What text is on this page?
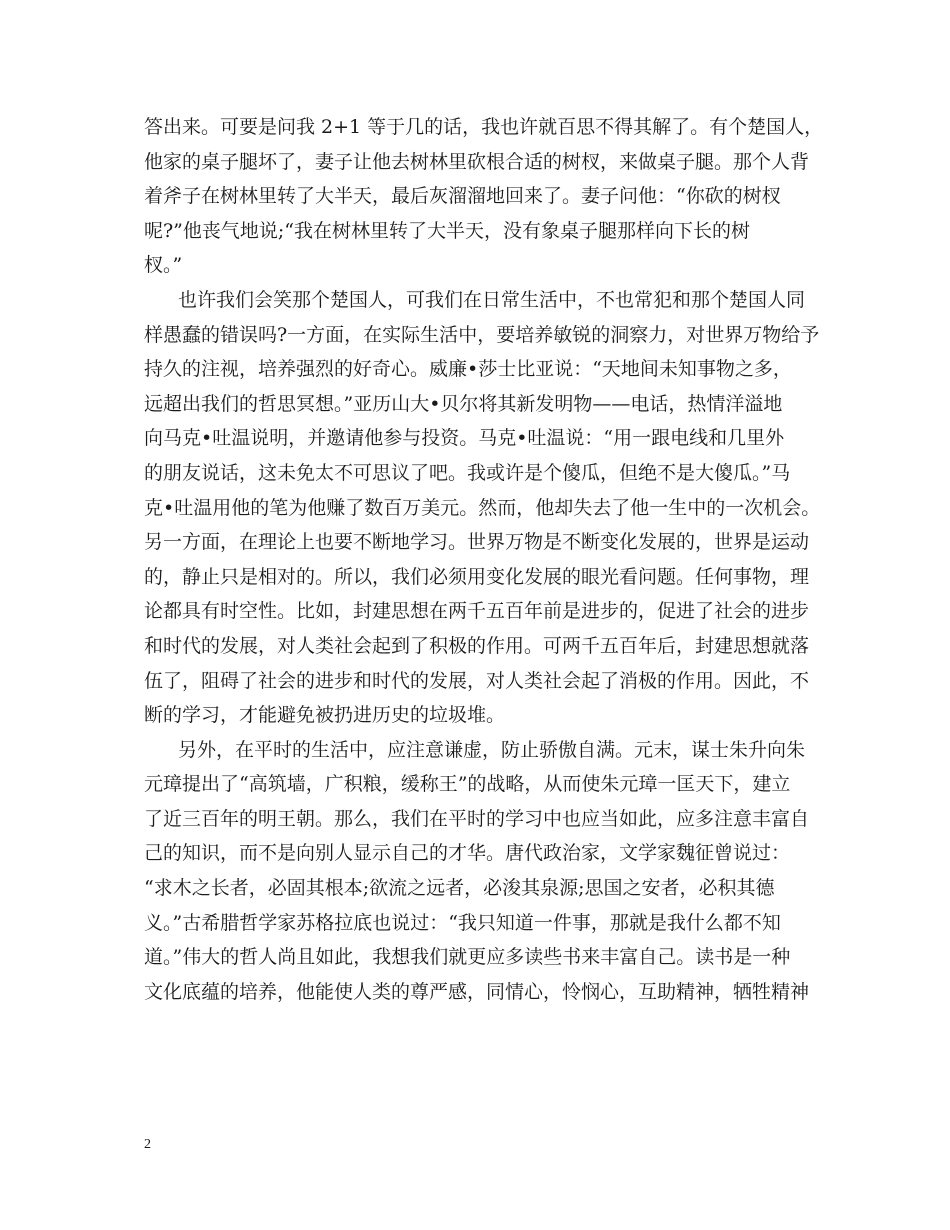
答出来。可要是问我 2+1 等于几的话，我也许就百思不得其解了。有个楚国人，
他家的桌子腿坏了，妻子让他去树林里砍根合适的树杈，来做桌子腿。那个人背
着斧子在树林里转了大半天，最后灰溜溜地回来了。妻子问他：“你砍的树杈
呢?”他丧气地说;“我在树林里转了大半天，没有象桌子腿那样向下长的树
杈。”
也许我们会笑那个楚国人，可我们在日常生活中，不也常犯和那个楚国人同
样愚蠢的错误吗?一方面，在实际生活中，要培养敏锐的洞察力，对世界万物给予
持久的注视，培养强烈的好奇心。威廉•莎士比亚说：“天地间未知事物之多，
远超出我们的哲思冥想。”亚历山大•贝尔将其新发明物——电话，热情洋溢地
向马克•吐温说明，并邀请他参与投资。马克•吐温说：“用一跟电线和几里外
的朋友说话，这未免太不可思议了吧。我或许是个傻瓜，但绝不是大傻瓜。”马
克•吐温用他的笔为他赚了数百万美元。然而，他却失去了他一生中的一次机会。
另一方面，在理论上也要不断地学习。世界万物是不断变化发展的，世界是运动
的，静止只是相对的。所以，我们必须用变化发展的眼光看问题。任何事物，理
论都具有时空性。比如，封建思想在两千五百年前是进步的，促进了社会的进步
和时代的发展，对人类社会起到了积极的作用。可两千五百年后，封建思想就落
伍了，阻碍了社会的进步和时代的发展，对人类社会起了消极的作用。因此，不
断的学习，才能避免被扔进历史的垃圾堆。
另外，在平时的生活中，应注意谦虚，防止骄傲自满。元末，谋士朱升向朱
元璋提出了“高筑墙，广积粮，缓称王”的战略，从而使朱元璋一匡天下，建立
了近三百年的明王朝。那么，我们在平时的学习中也应当如此，应多注意丰富自
己的知识，而不是向别人显示自己的才华。唐代政治家，文学家魏征曾说过：
“求木之长者，必固其根本;欲流之远者，必浚其泉源;思国之安者，必积其德
义。”古希腊哲学家苏格拉底也说过：“我只知道一件事，那就是我什么都不知
道。”伟大的哲人尚且如此，我想我们就更应多读些书来丰富自己。读书是一种
文化底蕴的培养，他能使人类的尊严感，同情心，怜悯心，互助精神，牺牲精神
2
